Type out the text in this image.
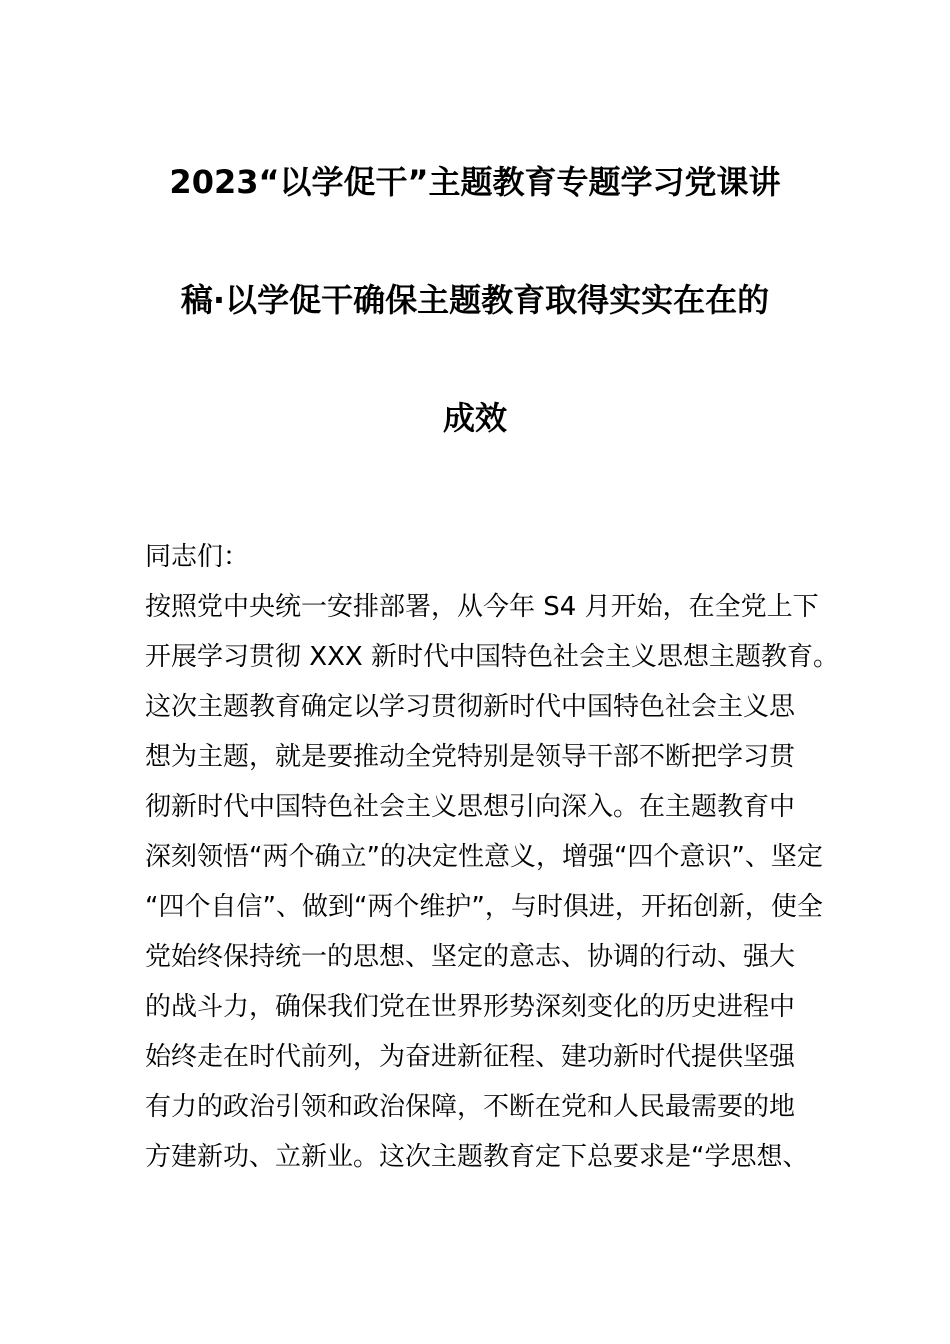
2023“以学促干”主题教育专题学习党课讲
稿·以学促干确保主题教育取得实实在在的
成效
同志们：
按照党中央统一安排部署，从今年 S4 月开始，在全党上下
开展学习贯彻 XXX 新时代中国特色社会主义思想主题教育。
这次主题教育确定以学习贯彻新时代中国特色社会主义思
想为主题，就是要推动全党特别是领导干部不断把学习贯
彻新时代中国特色社会主义思想引向深入。在主题教育中
深刻领悟“两个确立”的决定性意义，增强“四个意识”、坚定
“四个自信”、做到“两个维护”，与时俱进，开拓创新，使全
党始终保持统一的思想、坚定的意志、协调的行动、强大
的战斗力，确保我们党在世界形势深刻变化的历史进程中
始终走在时代前列，为奋进新征程、建功新时代提供坚强
有力的政治引领和政治保障，不断在党和人民最需要的地
方建新功、立新业。这次主题教育定下总要求是“学思想、
